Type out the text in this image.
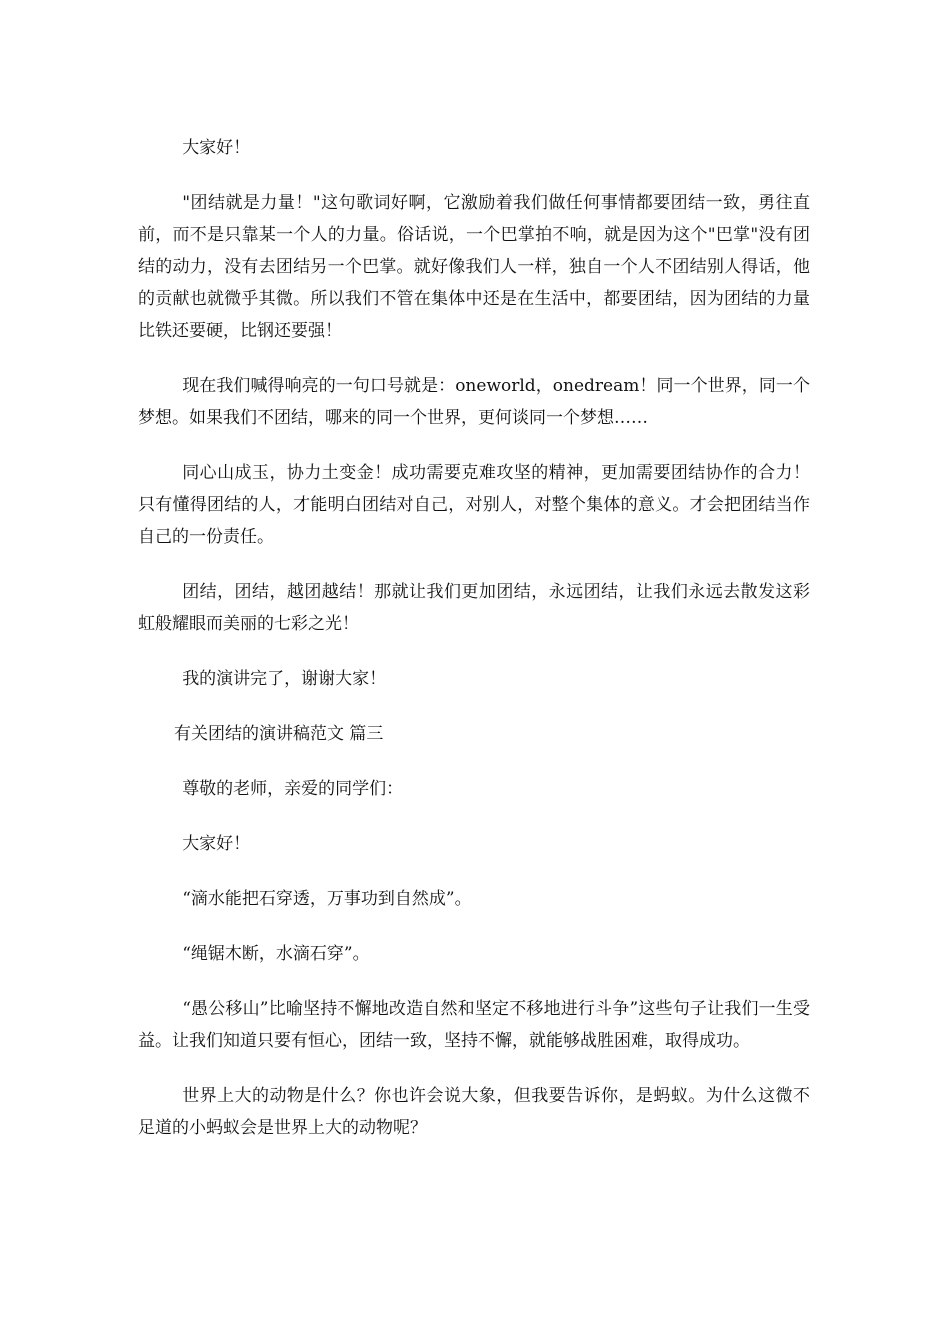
大家好！

"团结就是力量！"这句歌词好啊，它激励着我们做任何事情都要团结一致，勇往直前，而不是只靠某一个人的力量。俗话说，一个巴掌拍不响，就是因为这个"巴掌"没有团结的动力，没有去团结另一个巴掌。就好像我们人一样，独自一个人不团结别人得话，他的贡献也就微乎其微。所以我们不管在集体中还是在生活中，都要团结，因为团结的力量比铁还要硬，比钢还要强！

现在我们喊得响亮的一句口号就是：oneworld，onedream！同一个世界，同一个梦想。如果我们不团结，哪来的同一个世界，更何谈同一个梦想……

同心山成玉，协力土变金！成功需要克难攻坚的精神，更加需要团结协作的合力！只有懂得团结的人，才能明白团结对自己，对别人，对整个集体的意义。才会把团结当作自己的一份责任。

团结，团结，越团越结！那就让我们更加团结，永远团结，让我们永远去散发这彩虹般耀眼而美丽的七彩之光！

我的演讲完了，谢谢大家！

有关团结的演讲稿范文 篇三

尊敬的老师，亲爱的同学们：

大家好！

“滴水能把石穿透，万事功到自然成”。

“绳锯木断，水滴石穿”。

“愚公移山”比喻坚持不懈地改造自然和坚定不移地进行斗争”这些句子让我们一生受益。让我们知道只要有恒心，团结一致，坚持不懈，就能够战胜困难，取得成功。

世界上大的动物是什么？你也许会说大象，但我要告诉你，是蚂蚁。为什么这微不足道的小蚂蚁会是世界上大的动物呢？
